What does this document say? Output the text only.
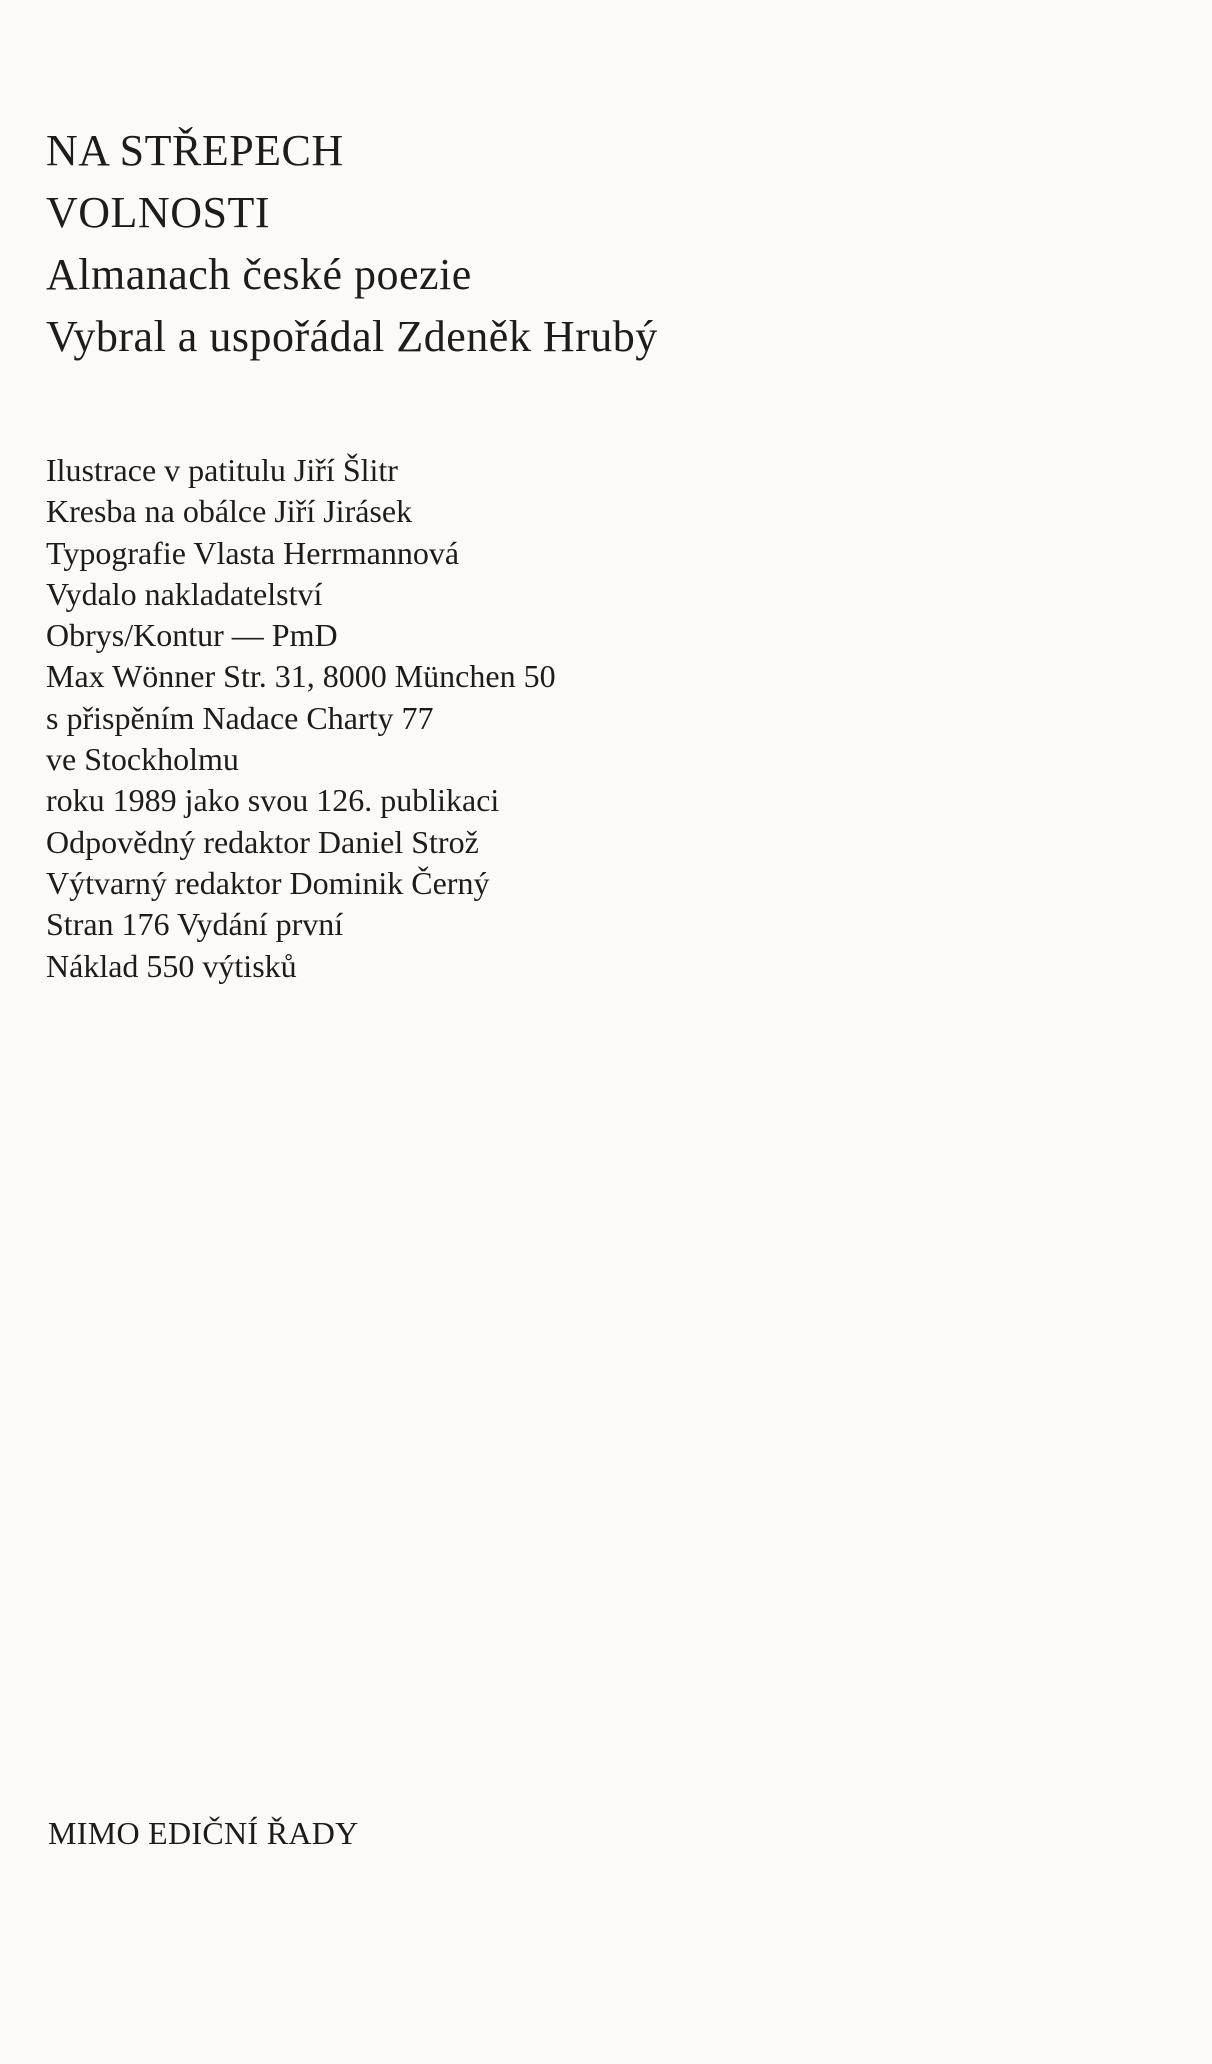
NA STŘEPECH
VOLNOSTI
Almanach české poezie
Vybral a uspořádal Zdeněk Hrubý
Ilustrace v patitulu Jiří Šlitr
Kresba na obálce Jiří Jirásek
Typografie Vlasta Herrmannová
Vydalo nakladatelství
Obrys/Kontur — PmD
Max Wönner Str. 31, 8000 München 50
s přispěním Nadace Charty 77
ve Stockholmu
roku 1989 jako svou 126. publikaci
Odpovědný redaktor Daniel Strož
Výtvarný redaktor Dominik Černý
Stran 176 Vydání první
Náklad 550 výtisků
MIMO EDIČNÍ ŘADY
